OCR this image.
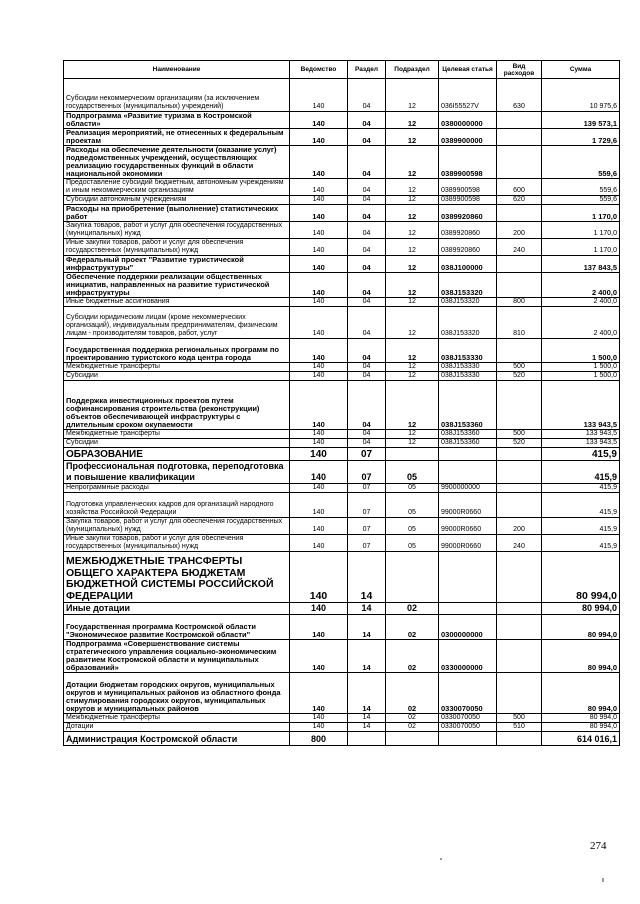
Наименование	Ведомство	Раздел	Подраздел	Целевая статья	Вид расходов	Сумма
Субсидии некоммерческим организациям (за исключением государственных (муниципальных) учреждений)	140	04	12	036I55527V	630	10 975,6
Подпрограмма «Развитие туризма в Костромской области»	140	04	12	0380000000		139 573,1
Реализация мероприятий, не отнесенных к федеральным проектам	140	04	12	0389900000		1 729,6
Расходы на обеспечение деятельности (оказание услуг) подведомственных учреждений, осуществляющих реализацию государственных функций в области национальной экономики	140	04	12	0389900598		559,6
Предоставление субсидий бюджетным, автономным учреждениям и иным некоммерческим организациям	140	04	12	0389900598	600	559,6
Субсидии автономным учреждениям	140	04	12	0389900598	620	559,6
Расходы на приобретение (выполнение) статистических работ	140	04	12	0389920860		1 170,0
Закупка товаров, работ и услуг для обеспечения государственных (муниципальных) нужд	140	04	12	0389920860	200	1 170,0
Иные закупки товаров, работ и услуг для обеспечения государственных (муниципальных) нужд	140	04	12	0389920860	240	1 170,0
Федеральный проект "Развитие туристической инфраструктуры"	140	04	12	038J100000		137 843,5
Обеспечение поддержки реализации общественных инициатив, направленных на развитие туристической инфраструктуры	140	04	12	038J153320		2 400,0
Иные бюджетные ассигнования	140	04	12	038J153320	800	2 400,0
Субсидии юридическим лицам (кроме некоммерческих организаций), индивидуальным предпринимателям, физическим лицам - производителям товаров, работ, услуг	140	04	12	038J153320	810	2 400,0
Государственная поддержка региональных программ по проектированию туристского кода центра города	140	04	12	038J153330		1 500,0
Межбюджетные трансферты	140	04	12	038J153330	500	1 500,0
Субсидии	140	04	12	038J153330	520	1 500,0
Поддержка инвестиционных проектов путем софинансирования строительства (реконструкции) объектов обеспечивающей инфраструктуры с длительным сроком окупаемости	140	04	12	038J153360		133 943,5
Межбюджетные трансферты	140	04	12	038J153360	500	133 943,5
Субсидии	140	04	12	038J153360	520	133 943,5
ОБРАЗОВАНИЕ	140	07				415,9
Профессиональная подготовка, переподготовка и повышение квалификации	140	07	05			415,9
Непрограммные расходы	140	07	05	9900000000		415,9
Подготовка управленческих кадров для организаций народного хозяйства Российской Федерации	140	07	05	99000R0660		415,9
Закупка товаров, работ и услуг для обеспечения государственных (муниципальных) нужд	140	07	05	99000R0660	200	415,9
Иные закупки товаров, работ и услуг для обеспечения государственных (муниципальных) нужд	140	07	05	99000R0660	240	415,9
МЕЖБЮДЖЕТНЫЕ ТРАНСФЕРТЫ ОБЩЕГО ХАРАКТЕРА БЮДЖЕТАМ БЮДЖЕТНОЙ СИСТЕМЫ РОССИЙСКОЙ ФЕДЕРАЦИИ	140	14				80 994,0
Иные дотации	140	14	02			80 994,0
Государственная программа Костромской области "Экономическое развитие Костромской области"	140	14	02	0300000000		80 994,0
Подпрограмма «Совершенствование системы стратегического управления социально-экономическим развитием Костромской области и муниципальных образований»	140	14	02	0330000000		80 994,0
Дотации бюджетам городских округов, муниципальных округов и муниципальных районов из областного фонда стимулирования городских округов, муниципальных округов и муниципальных районов	140	14	02	0330070050		80 994,0
Межбюджетные трансферты	140	14	02	0330070050	500	80 994,0
Дотации	140	14	02	0330070050	510	80 994,0
Администрация Костромской области	800					614 016,1
274
